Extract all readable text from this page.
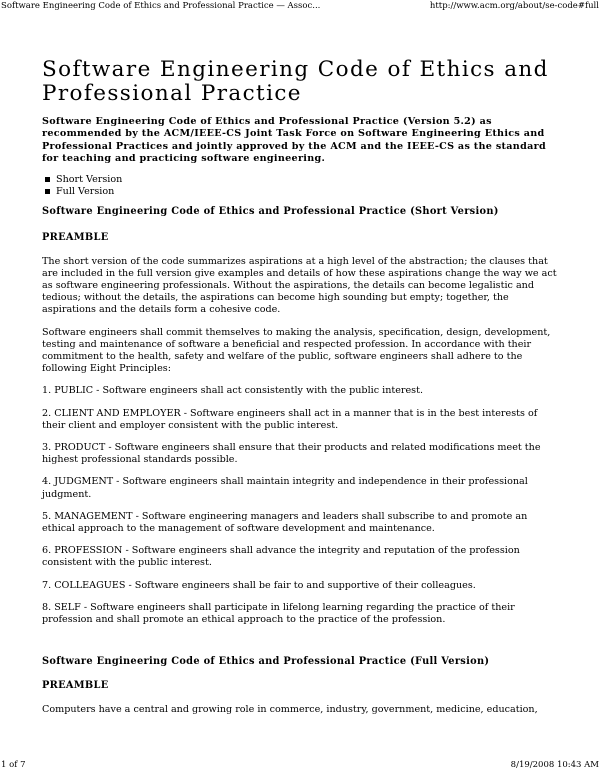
Software Engineering Code of Ethics and Professional Practice — Assoc...	http://www.acm.org/about/se-code#full
Software Engineering Code of Ethics and Professional Practice
Software Engineering Code of Ethics and Professional Practice (Version 5.2) as recommended by the ACM/IEEE-CS Joint Task Force on Software Engineering Ethics and Professional Practices and jointly approved by the ACM and the IEEE-CS as the standard for teaching and practicing software engineering.
Short Version
Full Version
Software Engineering Code of Ethics and Professional Practice (Short Version)
PREAMBLE

The short version of the code summarizes aspirations at a high level of the abstraction; the clauses that are included in the full version give examples and details of how these aspirations change the way we act as software engineering professionals. Without the aspirations, the details can become legalistic and tedious; without the details, the aspirations can become high sounding but empty; together, the aspirations and the details form a cohesive code.

Software engineers shall commit themselves to making the analysis, specification, design, development, testing and maintenance of software a beneficial and respected profession. In accordance with their commitment to the health, safety and welfare of the public, software engineers shall adhere to the following Eight Principles:

1. PUBLIC - Software engineers shall act consistently with the public interest.

2. CLIENT AND EMPLOYER - Software engineers shall act in a manner that is in the best interests of their client and employer consistent with the public interest.

3. PRODUCT - Software engineers shall ensure that their products and related modifications meet the highest professional standards possible.

4. JUDGMENT - Software engineers shall maintain integrity and independence in their professional judgment.

5. MANAGEMENT - Software engineering managers and leaders shall subscribe to and promote an ethical approach to the management of software development and maintenance.

6. PROFESSION - Software engineers shall advance the integrity and reputation of the profession consistent with the public interest.

7. COLLEAGUES - Software engineers shall be fair to and supportive of their colleagues.

8. SELF - Software engineers shall participate in lifelong learning regarding the practice of their profession and shall promote an ethical approach to the practice of the profession.

Software Engineering Code of Ethics and Professional Practice (Full Version)
PREAMBLE

Computers have a central and growing role in commerce, industry, government, medicine, education,

1 of 7	8/19/2008 10:43 AM
